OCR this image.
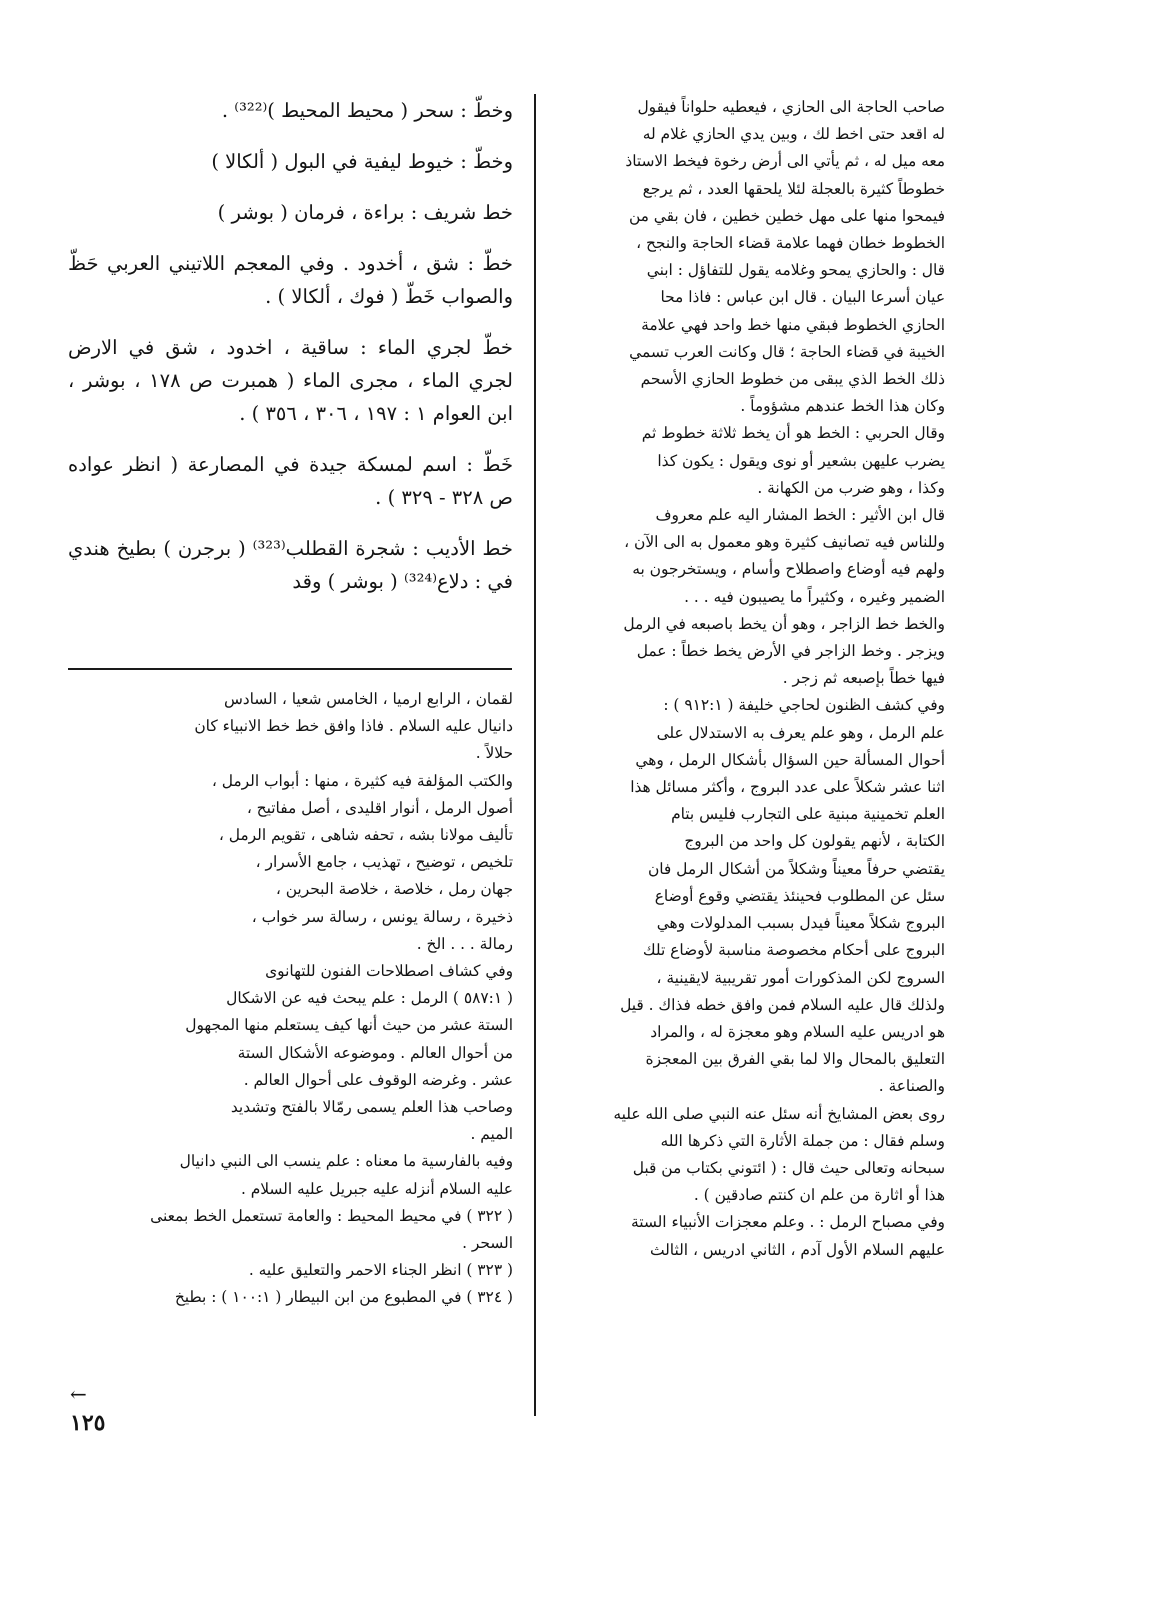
صاحب الحاجة الى الحازي ، فيعطيه حلواناً فيقول

له اقعد حتى اخط لك ، وبين يدي الحازي غلام له

معه ميل له ، ثم يأتي الى أرض رخوة فيخط الاستاذ

خطوطاً كثيرة بالعجلة لئلا يلحقها العدد ، ثم يرجع

فيمحوا منها على مهل خطين خطين ، فان بقي من

الخطوط خطان فهما علامة قضاء الحاجة والنجح ،

قال : والحازي يمحو وغلامه يقول للتفاؤل : ابني

عيان أسرعا البيان . قال ابن عباس : فاذا محا

الحازي الخطوط فبقي منها خط واحد فهي علامة

الخيبة في قضاء الحاجة ؛ قال وكانت العرب تسمي

ذلك الخط الذي يبقى من خطوط الحازي الأسحم

وكان هذا الخط عندهم مشؤوماً .

وقال الحربي : الخط هو أن يخط ثلاثة خطوط ثم

يضرب عليهن بشعير أو نوى ويقول : يكون كذا

وكذا ، وهو ضرب من الكهانة .

قال ابن الأثير : الخط المشار اليه علم معروف

وللناس فيه تصانيف كثيرة وهو معمول به الى الآن ،

ولهم فيه أوضاع واصطلاح وأسام ، ويستخرجون به

الضمير وغيره ، وكثيراً ما يصيبون فيه . . .

والخط خط الزاجر ، وهو أن يخط باصبعه في الرمل

ويزجر . وخط الزاجر في الأرض يخط خطاً : عمل

فيها خطاً بإصبعه ثم زجر .

وفي كشف الظنون لحاجي خليفة ( ٩١٢:١ ) :

علم الرمل ، وهو علم يعرف به الاستدلال على

أحوال المسألة حين السؤال بأشكال الرمل ، وهي

اثنا عشر شكلاً على عدد البروج ، وأكثر مسائل هذا

العلم تخمينية مبنية على التجارب فليس بتام

الكتابة ، لأنهم يقولون كل واحد من البروج

يقتضي حرفاً معيناً وشكلاً من أشكال الرمل فان

سئل عن المطلوب فحينئذ يقتضي وقوع أوضاع

البروج شكلاً معيناً فيدل بسبب المدلولات وهي

البروج على أحكام مخصوصة مناسبة لأوضاع تلك

السروج لكن المذكورات أمور تقريبية لايقينية ،

ولذلك قال عليه السلام فمن وافق خطه فذاك . قيل

هو ادريس عليه السلام وهو معجزة له ، والمراد

التعليق بالمحال والا لما بقي الفرق بين المعجزة

والصناعة .

روى بعض المشايخ أنه سئل عنه النبي صلى الله عليه

وسلم فقال : من جملة الأثارة التي ذكرها الله

سبحانه وتعالى حيث قال : ( ائتوني بكتاب من قبل

هذا أو اثارة من علم ان كنتم صادقين ) .

وفي مصباح الرمل : . وعلم معجزات الأنبياء الستة

عليهم السلام الأول آدم ، الثاني ادريس ، الثالث

وخطّ : سحر ( محيط المحيط )⁽³²²⁾ .

وخطّ : خيوط ليفية في البول ( ألكالا )

خط شريف : براءة ، فرمان ( بوشر )

خطّ : شق ، أخدود . وفي المعجم اللاتيني العربي حَظّ والصواب خَطّ ( فوك ، ألكالا ) .

خطّ لجري الماء : ساقية ، اخدود ، شق في الارض لجري الماء ، مجرى الماء ( همبرت ص ١٧٨ ، بوشر ، ابن العوام ١ : ١٩٧ ، ٣٠٦ ، ٣٥٦ ) .

خَطّ : اسم لمسكة جيدة في المصارعة ( انظر عواده ص ٣٢٨ - ٣٢٩ ) .

خط الأديب : شجرة القطلب⁽³²³⁾ ( برجرن ) بطيخ هندي في : دلاع⁽³²⁴⁾ ( بوشر ) وقد

لقمان ، الرابع ارميا ، الخامس شعيا ، السادس

دانيال عليه السلام . فاذا وافق خط خط الانبياء كان

حلالاً .

والكتب المؤلفة فيه كثيرة ، منها : أبواب الرمل ،

أصول الرمل ، أنوار اقليدى ، أصل مفاتيح ،

تأليف مولانا بشه ، تحفه شاهى ، تقويم الرمل ،

تلخيص ، توضيح ، تهذيب ، جامع الأسرار ،

جهان رمل ، خلاصة ، خلاصة البحرين ،

ذخيرة ، رسالة يونس ، رسالة سر خواب ،

رمالة . . . الخ .

وفي كشاف اصطلاحات الفنون للتهانوى

( ٥٨٧:١ ) الرمل : علم يبحث فيه عن الاشكال

الستة عشر من حيث أنها كيف يستعلم منها المجهول

من أحوال العالم . وموضوعه الأشكال الستة

عشر . وغرضه الوقوف على أحوال العالم .

وصاحب هذا العلم يسمى رمّالا بالفتح وتشديد

الميم .

وفيه بالفارسية ما معناه : علم ينسب الى النبي دانيال

عليه السلام أنزله عليه جبريل عليه السلام .

( ٣٢٢ ) في محيط المحيط : والعامة تستعمل الخط بمعنى

السحر .

( ٣٢٣ ) انظر الجناء الاحمر والتعليق عليه .

( ٣٢٤ ) في المطبوع من ابن البيطار ( ١٠٠:١ ) : بطيخ

←
١٢٥
